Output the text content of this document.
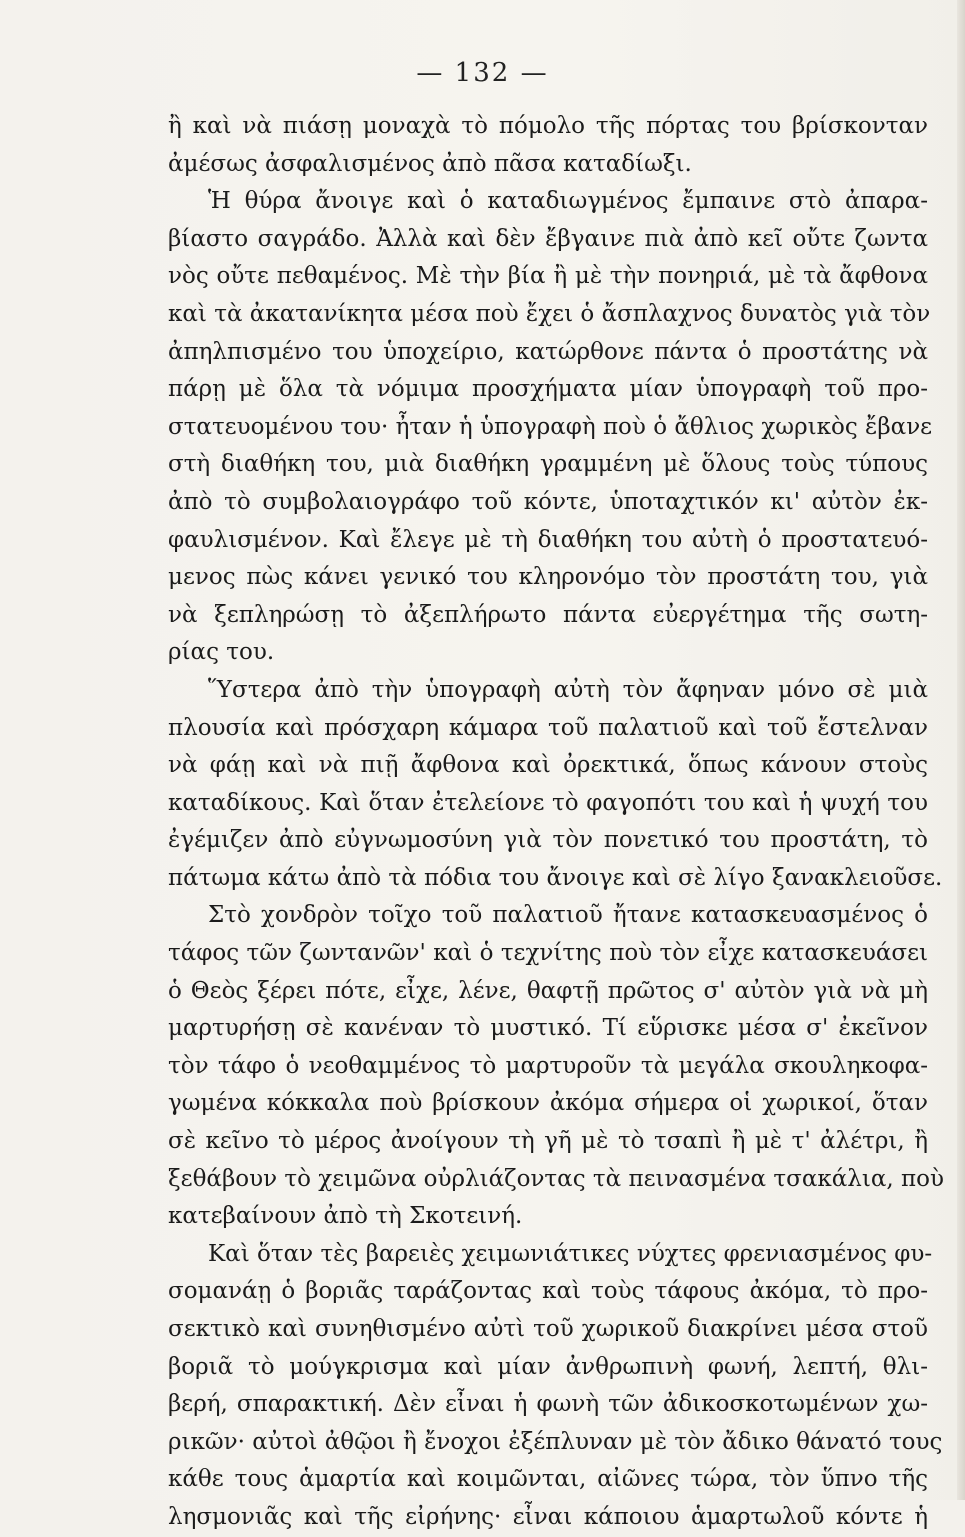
— 132 —
ἢ καὶ νὰ πιάσῃ μοναχὰ τὸ πόμολο τῆς πόρτας του βρίσκονταν
ἀμέσως ἀσφαλισμένος ἀπὸ πᾶσα καταδίωξι.
Ἡ θύρα ἄνοιγε καὶ ὁ καταδιωγμένος ἔμπαινε στὸ ἀπαρα-
βίαστο σαγράδο. Ἀλλὰ καὶ δὲν ἔβγαινε πιὰ ἀπὸ κεῖ οὔτε ζωντα
νὸς οὔτε πεθαμένος. Μὲ τὴν βία ἢ μὲ τὴν πονηριά, μὲ τὰ ἄφθονα
καὶ τὰ ἀκατανίκητα μέσα ποὺ ἔχει ὁ ἄσπλαχνος δυνατὸς γιὰ τὸν
ἀπηλπισμένο του ὑποχείριο, κατώρθονε πάντα ὁ προστάτης νὰ
πάρῃ μὲ ὅλα τὰ νόμιμα προσχήματα μίαν ὑπογραφὴ τοῦ προ-
στατευομένου του· ἦταν ἡ ὑπογραφὴ ποὺ ὁ ἄθλιος χωρικὸς ἔβανε
στὴ διαθήκη του, μιὰ διαθήκη γραμμένη μὲ ὅλους τοὺς τύπους
ἀπὸ τὸ συμβολαιογράφο τοῦ κόντε, ὑποταχτικόν κι' αὐτὸν ἐκ-
φαυλισμένον. Καὶ ἔλεγε μὲ τὴ διαθήκη του αὐτὴ ὁ προστατευό-
μενος πὼς κάνει γενικό του κληρονόμο τὸν προστάτη του, γιὰ
νὰ ξεπληρώσῃ τὸ ἀξεπλήρωτο πάντα εὐεργέτημα τῆς σωτη-
ρίας του.
Ὕστερα ἀπὸ τὴν ὑπογραφὴ αὐτὴ τὸν ἄφηναν μόνο σὲ μιὰ
πλουσία καὶ πρόσχαρη κάμαρα τοῦ παλατιοῦ καὶ τοῦ ἔστελναν
νὰ φάῃ καὶ νὰ πιῇ ἄφθονα καὶ ὀρεκτικά, ὅπως κάνουν στοὺς
καταδίκους. Καὶ ὅταν ἐτελείονε τὸ φαγοπότι του καὶ ἡ ψυχή του
ἐγέμιζεν ἀπὸ εὐγνωμοσύνη γιὰ τὸν πονετικό του προστάτη, τὸ
πάτωμα κάτω ἀπὸ τὰ πόδια του ἄνοιγε καὶ σὲ λίγο ξανακλειοῦσε.
Στὸ χονδρὸν τοῖχο τοῦ παλατιοῦ ἤτανε κατασκευασμένος ὁ
τάφος τῶν ζωντανῶν' καὶ ὁ τεχνίτης ποὺ τὸν εἶχε κατασκευάσει
ὁ Θεὸς ξέρει πότε, εἶχε, λένε, θαφτῇ πρῶτος σ' αὐτὸν γιὰ νὰ μὴ
μαρτυρήσῃ σὲ κανέναν τὸ μυστικό. Τί εὕρισκε μέσα σ' ἐκεῖνον
τὸν τάφο ὁ νεοθαμμένος τὸ μαρτυροῦν τὰ μεγάλα σκουληκοφα-
γωμένα κόκκαλα ποὺ βρίσκουν ἀκόμα σήμερα οἱ χωρικοί, ὅταν
σὲ κεῖνο τὸ μέρος ἀνοίγουν τὴ γῆ μὲ τὸ τσαπὶ ἢ μὲ τ' ἀλέτρι, ἢ
ξεθάβουν τὸ χειμῶνα οὐρλιάζοντας τὰ πεινασμένα τσακάλια, ποὺ
κατεβαίνουν ἀπὸ τὴ Σκοτεινή.
Καὶ ὅταν τὲς βαρειὲς χειμωνιάτικες νύχτες φρενιασμένος φυ-
σομανάῃ ὁ βοριᾶς ταράζοντας καὶ τοὺς τάφους ἀκόμα, τὸ προ-
σεκτικὸ καὶ συνηθισμένο αὐτὶ τοῦ χωρικοῦ διακρίνει μέσα στοῦ
βοριᾶ τὸ μούγκρισμα καὶ μίαν ἀνθρωπινὴ φωνή, λεπτή, θλι-
βερή, σπαρακτική. Δὲν εἶναι ἡ φωνὴ τῶν ἀδικοσκοτωμένων χω-
ρικῶν· αὐτοὶ ἀθῷοι ἢ ἔνοχοι ἐξέπλυναν μὲ τὸν ἄδικο θάνατό τους
κάθε τους ἁμαρτία καὶ κοιμῶνται, αἰῶνες τώρα, τὸν ὕπνο τῆς
λησμονιᾶς καὶ τῆς εἰρήνης· εἶναι κάποιου ἁμαρτωλοῦ κόντε ἡ
